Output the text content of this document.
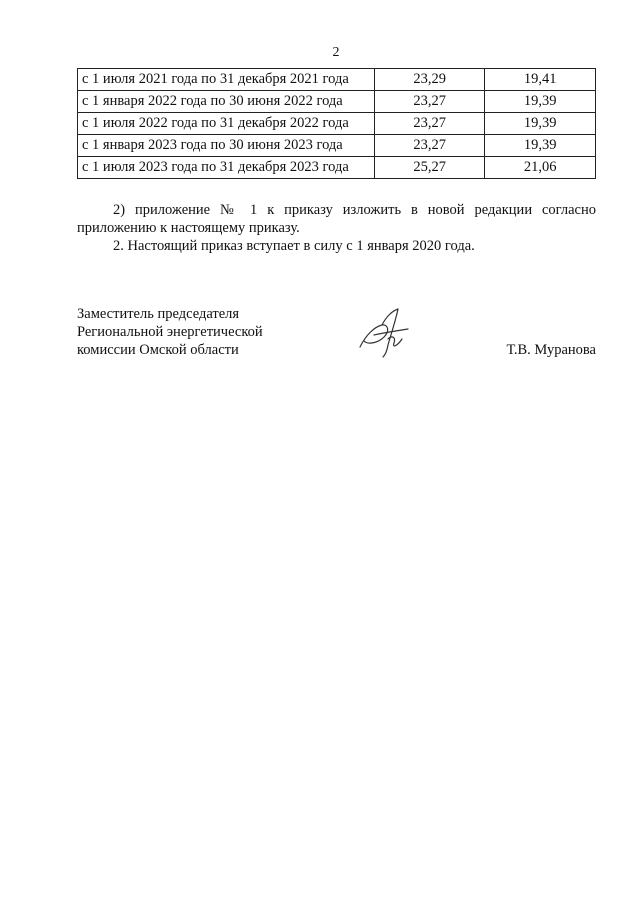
2
с 1 июля 2021 года по 31 декабря 2021 года	23,29	19,41
с 1 января 2022 года по 30 июня 2022 года	23,27	19,39
с 1 июля 2022 года по 31 декабря 2022 года	23,27	19,39
с 1 января 2023 года по 30 июня 2023 года	23,27	19,39
с 1 июля 2023 года по 31 декабря 2023 года	25,27	21,06
2) приложение № 1 к приказу изложить в новой редакции согласно приложению к настоящему приказу.
2. Настоящий приказ вступает в силу с 1 января 2020 года.
Заместитель председателя
Региональной энергетической
комиссии Омской области	Т.В. Муранова
